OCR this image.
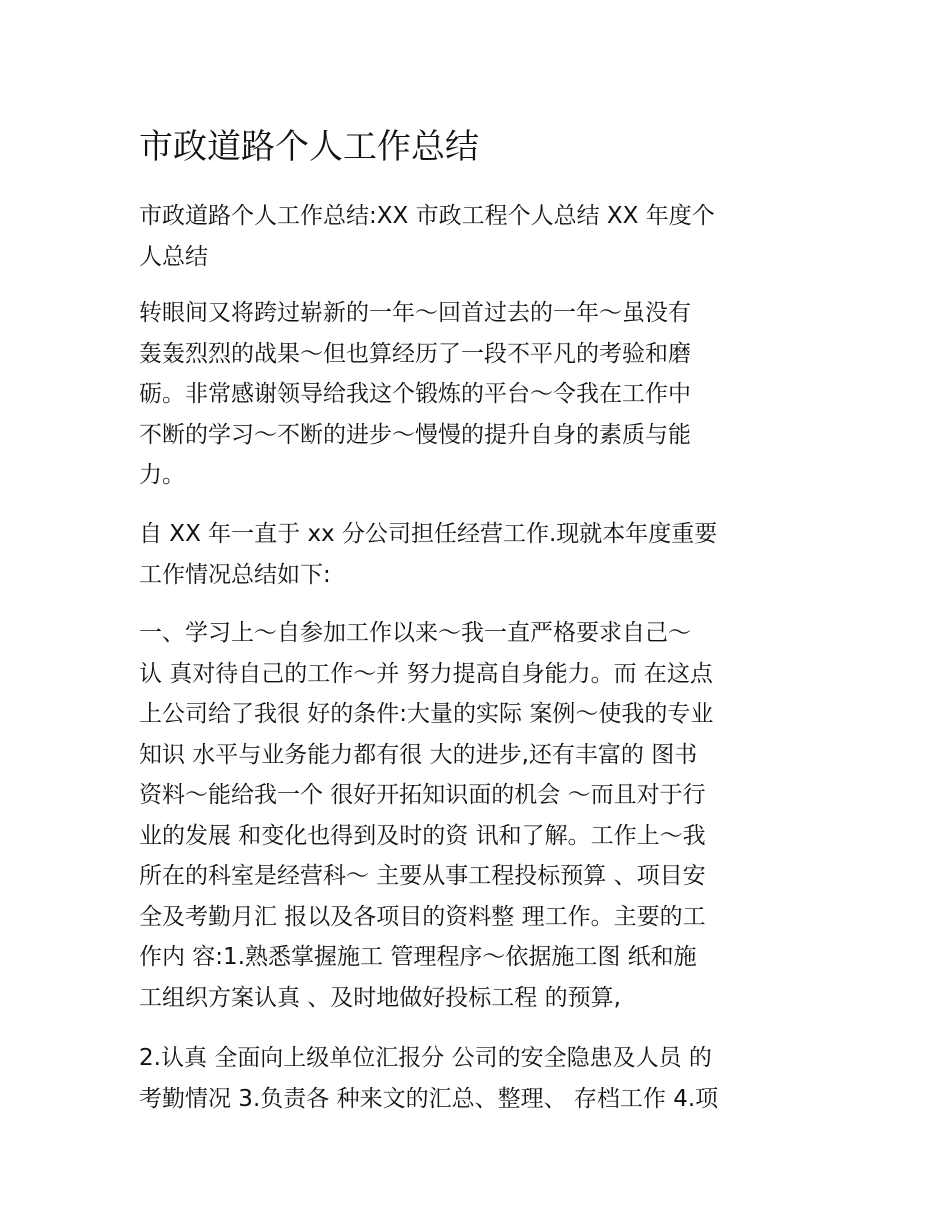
市政道路个人工作总结

市政道路个人工作总结:XX 市政工程个人总结 XX 年度个
人总结

转眼间又将跨过崭新的一年～回首过去的一年～虽没有
轰轰烈烈的战果～但也算经历了一段不平凡的考验和磨
砺。非常感谢领导给我这个锻炼的平台～令我在工作中
不断的学习～不断的进步～慢慢的提升自身的素质与能
力。

自 XX 年一直于 xx 分公司担任经营工作.现就本年度重要
工作情况总结如下:

一、学习上～自参加工作以来～我一直严格要求自己～
认 真对待自己的工作～并 努力提高自身能力。而 在这点
上公司给了我很 好的条件:大量的实际 案例～使我的专业
知识 水平与业务能力都有很 大的进步,还有丰富的 图书
资料～能给我一个 很好开拓知识面的机会 ～而且对于行
业的发展 和变化也得到及时的资 讯和了解。工作上～我
所在的科室是经营科～ 主要从事工程投标预算 、项目安
全及考勤月汇 报以及各项目的资料整 理工作。主要的工
作内 容:1.熟悉掌握施工 管理程序～依据施工图 纸和施
工组织方案认真 、及时地做好投标工程 的预算,

2.认真 全面向上级单位汇报分 公司的安全隐患及人员 的
考勤情况 3.负责各 种来文的汇总、整理、 存档工作 4.项
